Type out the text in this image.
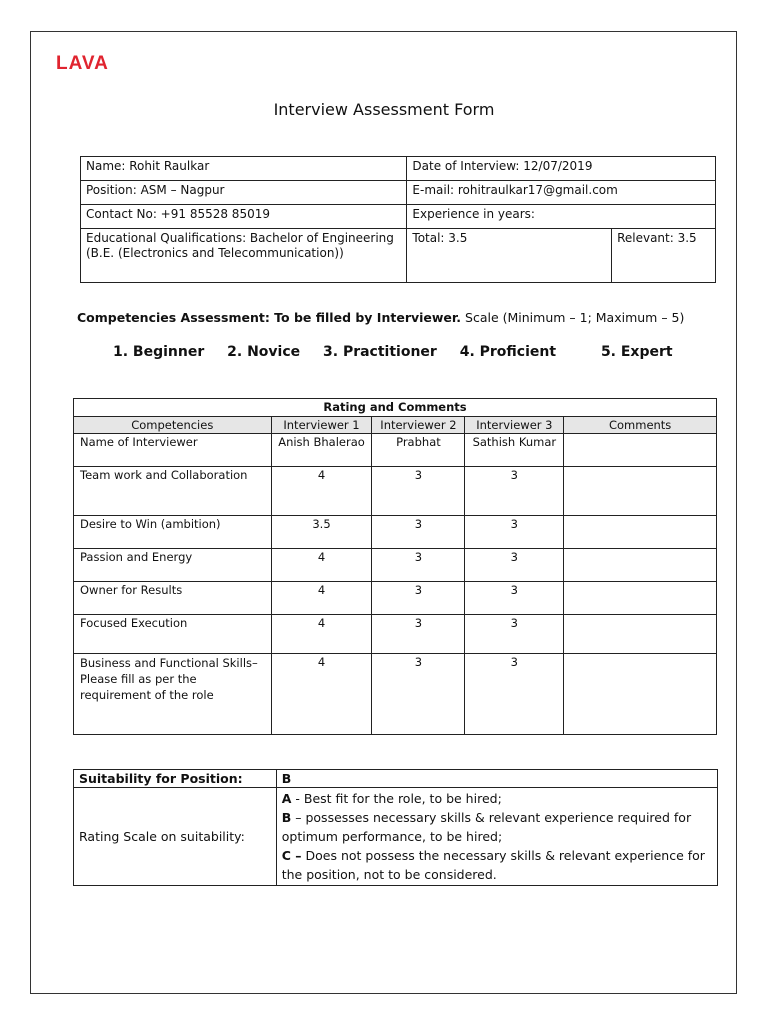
LAVA
Interview Assessment Form
Name: Rohit Raulkar	Date of Interview: 12/07/2019	
Position: ASM – Nagpur	E-mail: rohitraulkar17@gmail.com	
Contact No: +91 85528 85019	Experience in years:	
Educational Qualifications: Bachelor of Engineering (B.E. (Electronics and Telecommunication))	Total: 3.5	Relevant: 3.5
Competencies Assessment: To be filled by Interviewer. Scale (Minimum – 1; Maximum – 5)
1. Beginner 2. Novice 3. Practitioner 4. Proficient	5. Expert
Rating and Comments				
Competencies	Interviewer 1	Interviewer 2	Interviewer 3	Comments
Name of Interviewer	Anish Bhalerao	Prabhat	Sathish Kumar	
Team work and Collaboration	4	3	3	
Desire to Win (ambition)	3.5	3	3	
Passion and Energy	4	3	3	
Owner for Results	4	3	3	
Focused Execution	4	3	3	
Business and Functional Skills– Please fill as per the requirement of the role	4	3	3	
Suitability for Position:	B
Rating Scale on suitability:	A - Best fit for the role, to be hired;
B – possesses necessary skills & relevant experience required for optimum performance, to be hired;
C – Does not possess the necessary skills & relevant experience for the position, not to be considered.
